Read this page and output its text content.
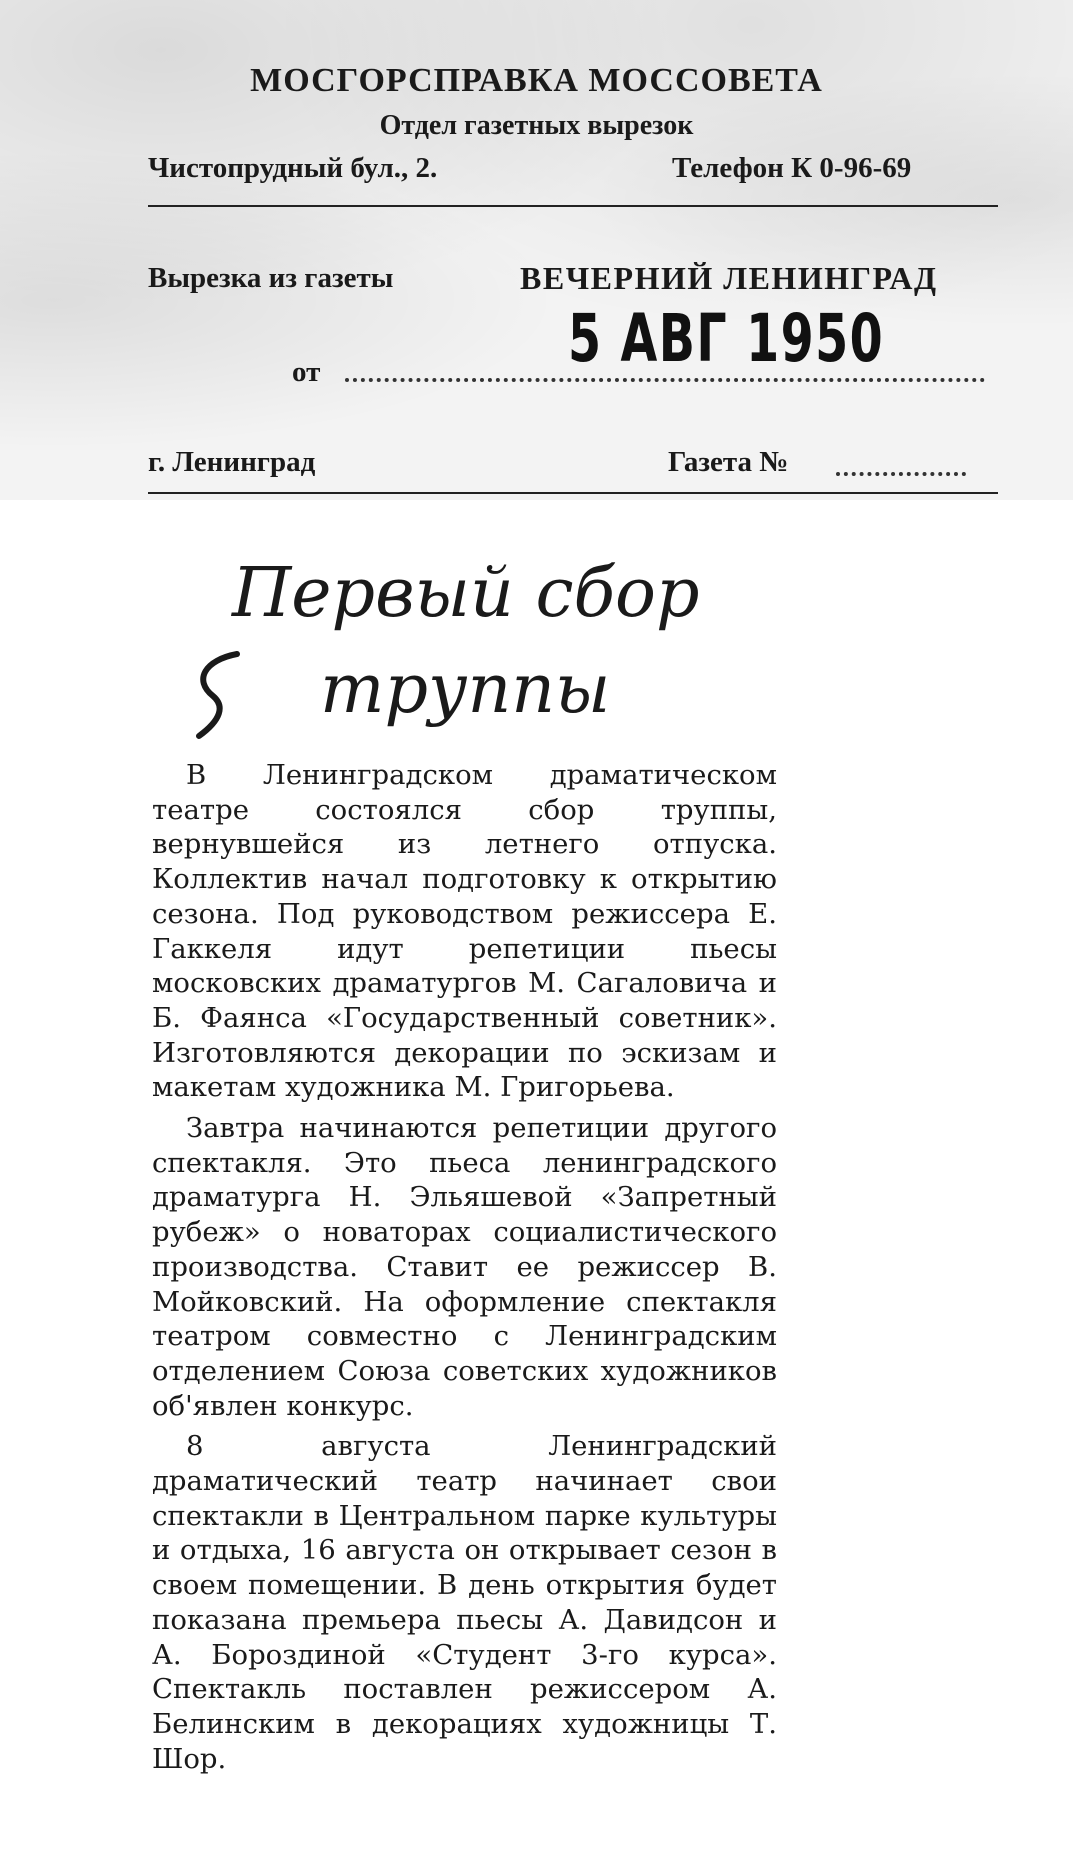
МОСГОРСПРАВКА МОССОВЕТА
Отдел газетных вырезок
Чистопрудный бул., 2.	Телефон К 0-96-69
Вырезка из газеты	ВЕЧЕРНИЙ ЛЕНИНГРАД
от	5 АВГ 1950
г. Ленинград	Газета №
Первый сбор
труппы

В Ленинградском драматическом театре состоялся сбор труппы, вернувшейся из летнего отпуска. Коллектив начал подготовку к открытию сезона. Под руководством режиссера Е. Гаккеля идут репетиции пьесы московских драматургов М. Сагаловича и Б. Фаянса «Государственный советник». Изготовляются декорации по эскизам и макетам художника М. Григорьева.

Завтра начинаются репетиции другого спектакля. Это пьеса ленинградского драматурга Н. Эльяшевой «Запретный рубеж» о новаторах социалистического производства. Ставит ее режиссер В. Мойковский. На оформление спектакля театром совместно с Ленинградским отделением Союза советских художников об'явлен конкурс.

8 августа Ленинградский драматический театр начинает свои спектакли в Центральном парке культуры и отдыха, 16 августа он открывает сезон в своем помещении. В день открытия будет показана премьера пьесы А. Давидсон и А. Бороздиной «Студент 3-го курса». Спектакль поставлен режиссером А. Белинским в декорациях художницы Т. Шор.
